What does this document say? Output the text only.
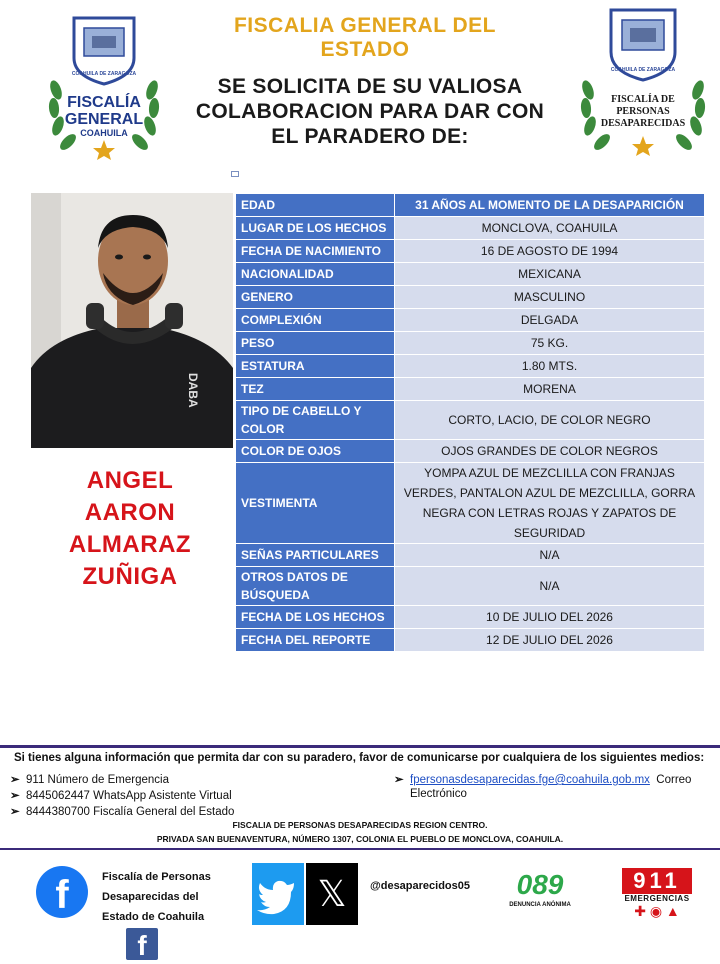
FISCALIA GENERAL DEL ESTADO
SE SOLICITA DE SU VALIOSA COLABORACION PARA DAR CON EL PARADERO DE:
COAHUILA DE ZARAGOZA
FISCALÍA
GENERAL
COAHUILA
COAHUILA DE ZARAGOZA
FISCALÍA DE
PERSONAS
DESAPARECIDAS
DABA
ANGEL
AARON
ALMARAZ
ZUÑIGA
EDAD	31 AÑOS AL MOMENTO DE LA DESAPARICIÓN
LUGAR DE LOS HECHOS	MONCLOVA, COAHUILA
FECHA DE NACIMIENTO	16 DE AGOSTO DE 1994
NACIONALIDAD	MEXICANA
GENERO	MASCULINO
COMPLEXIÓN	DELGADA
PESO	75 KG.
ESTATURA	1.80 MTS.
TEZ	MORENA
TIPO DE CABELLO Y COLOR	CORTO, LACIO, DE COLOR NEGRO
COLOR DE OJOS	OJOS GRANDES DE COLOR NEGROS
VESTIMENTA	YOMPA AZUL DE MEZCLILLA CON FRANJAS VERDES, PANTALON AZUL DE MEZCLILLA, GORRA NEGRA CON LETRAS ROJAS Y ZAPATOS DE SEGURIDAD
SEÑAS PARTICULARES	N/A
OTROS DATOS DE BÚSQUEDA	N/A
FECHA DE LOS HECHOS	10 DE JULIO DEL 2026
FECHA DEL REPORTE	12 DE JULIO DEL 2026
Si tienes alguna información que permita dar con su paradero, favor de comunicarse por cualquiera de los siguientes medios:
➢ 911 Número de Emergencia
➢ 8445062447 WhatsApp Asistente Virtual
➢ 8444380700 Fiscalía General del Estado
➢ fpersonasdesaparecidas.fge@coahuila.gob.mx Correo
Electrónico
FISCALIA DE PERSONAS DESAPARECIDAS REGION CENTRO.
PRIVADA SAN BUENAVENTURA, NÚMERO 1307, COLONIA EL PUEBLO DE MONCLOVA, COAHUILA.
f	Fiscalía de Personas
Desaparecidas del
Estado de Coahuila
f
𝕏	@desaparecidos05	089
DENUNCIA ANÓNIMA
911
EMERGENCIAS
✚ ◉ ▲
